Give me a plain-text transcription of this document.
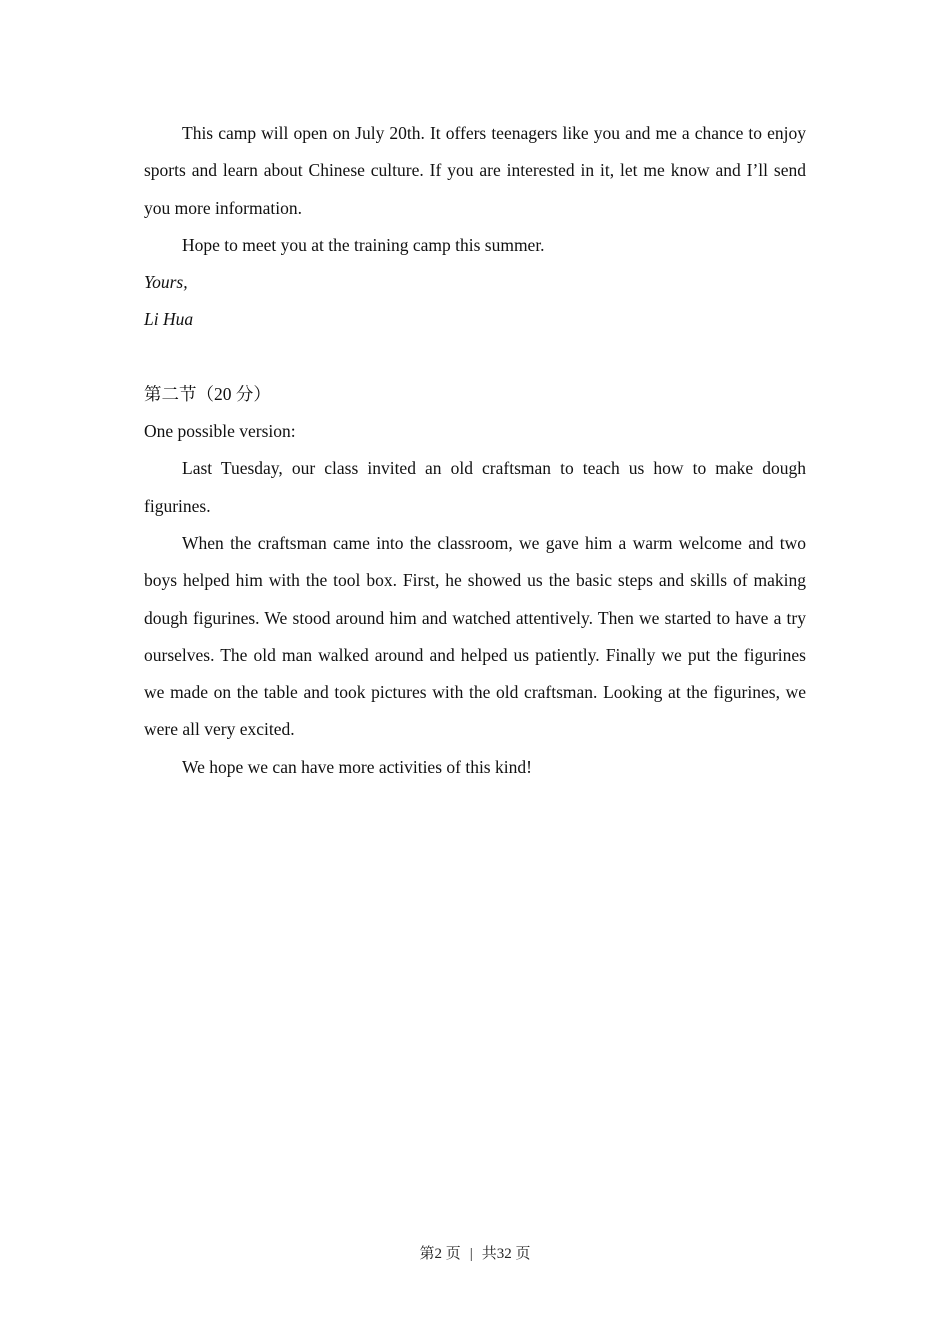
This camp will open on July 20th. It offers teenagers like you and me a chance to enjoy sports and learn about Chinese culture. If you are interested in it, let me know and I’ll send you more information.

Hope to meet you at the training camp this summer.

Yours,

Li Hua

第二节（20 分）

One possible version:

Last Tuesday, our class invited an old craftsman to teach us how to make dough figurines.

When the craftsman came into the classroom, we gave him a warm welcome and two boys helped him with the tool box. First, he showed us the basic steps and skills of making dough figurines. We stood around him and watched attentively. Then we started to have a try ourselves. The old man walked around and helped us patiently. Finally we put the figurines we made on the table and took pictures with the old craftsman. Looking at the figurines, we were all very excited.

We hope we can have more activities of this kind!

第2 页 | 共32 页
